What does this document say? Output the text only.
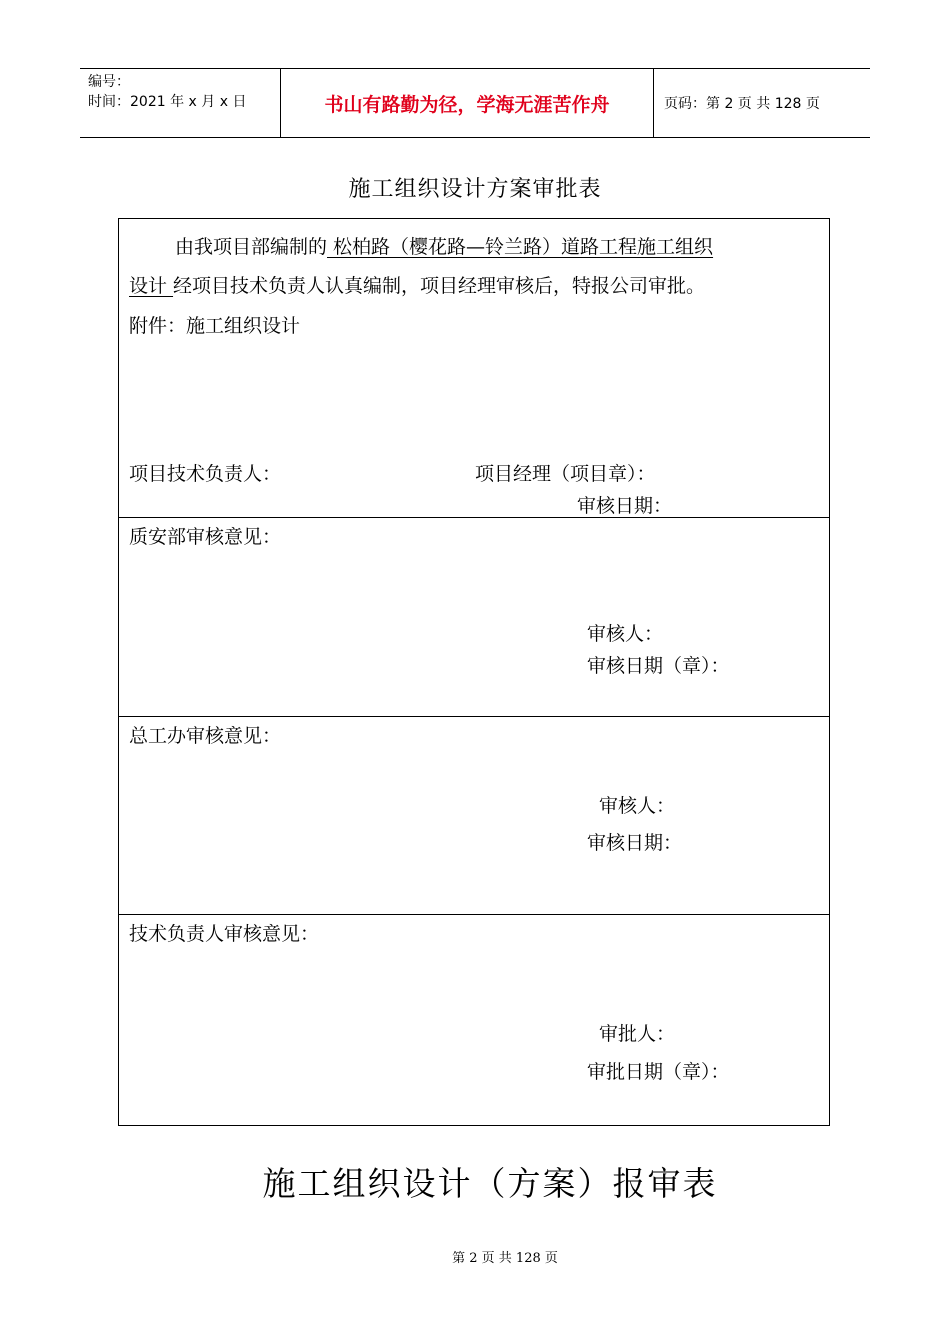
编号：
时间：2021 年 x 月 x 日	书山有路勤为径，学海无涯苦作舟	页码：第 2 页 共 128 页
施工组织设计方案审批表
由我项目部编制的 松柏路（樱花路—铃兰路）道路工程施工组织
设计 经项目技术负责人认真编制，项目经理审核后，特报公司审批。
附件：施工组织设计
项目技术负责人：	项目经理（项目章）：
审核日期：
质安部审核意见：
审核人：
审核日期（章）：
总工办审核意见：
审核人：
审核日期：
技术负责人审核意见：
审批人：
审批日期（章）：
施工组织设计（方案）报审表
第 2 页 共 128 页
